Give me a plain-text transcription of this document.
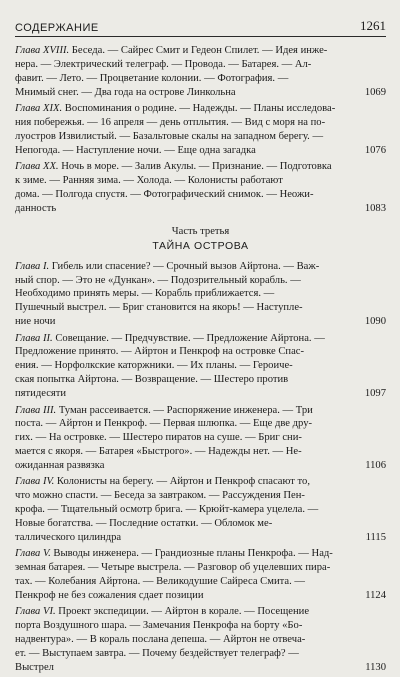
СОДЕРЖАНИЕ	1261
Глава XVIII. Беседа. — Сайрес Смит и Гедеон Спилет. — Идея инже-
нера. — Электрический телеграф. — Провода. — Батарея. — Ал-
фавит. — Лето. — Процветание колонии. — Фотография. —
Мнимый снег. — Два года на острове Линкольна	1069
Глава XIX. Воспоминания о родине. — Надежды. — Планы исследова-
ния побережья. — 16 апреля — день отплытия. — Вид с моря на по-
луостров Извилистый. — Базальтовые скалы на западном берегу. —
Непогода. — Наступление ночи. — Еще одна загадка	1076
Глава XX. Ночь в море. — Залив Акулы. — Признание. — Подготовка
к зиме. — Ранняя зима. — Холода. — Колонисты работают
дома. — Полгода спустя. — Фотографический снимок. — Неожи-
данность	1083
Часть третья
ТАЙНА ОСТРОВА
Глава I. Гибель или спасение? — Срочный вызов Айртона. — Важ-
ный спор. — Это не «Дункан». — Подозрительный корабль. —
Необходимо принять меры. — Корабль приближается. —
Пушечный выстрел. — Бриг становится на якорь! — Наступле-
ние ночи	1090
Глава II. Совещание. — Предчувствие. — Предложение Айртона. —
Предложение принято. — Айртон и Пенкроф на островке Спас-
ения. — Норфолкские каторжники. — Их планы. — Героиче-
ская попытка Айртона. — Возвращение. — Шестеро против
пятидесяти	1097
Глава III. Туман рассеивается. — Распоряжение инженера. — Три
поста. — Айртон и Пенкроф. — Первая шлюпка. — Еще две дру-
гих. — На островке. — Шестеро пиратов на суше. — Бриг сни-
мается с якоря. — Батарея «Быстрого». — Надежды нет. — Не-
ожиданная развязка	1106
Глава IV. Колонисты на берегу. — Айртон и Пенкроф спасают то,
что можно спасти. — Беседа за завтраком. — Рассуждения Пен-
крофа. — Тщательный осмотр брига. — Крюйт-камера уцелела. —
Новые богатства. — Последние остатки. — Обломок ме-
таллического цилиндра	1115
Глава V. Выводы инженера. — Грандиозные планы Пенкрофа. — Над-
земная батарея. — Четыре выстрела. — Разговор об уцелевших пира-
тах. — Колебания Айртона. — Великодушие Сайреса Смита. —
Пенкроф не без сожаления сдает позиции	1124
Глава VI. Проект экспедиции. — Айртон в корале. — Посещение
порта Воздушного шара. — Замечания Пенкрофа на борту «Бо-
надвентура». — В кораль послана депеша. — Айртон не отвеча-
ет. — Выступаем завтра. — Почему бездействует телеграф? —
Выстрел	1130
